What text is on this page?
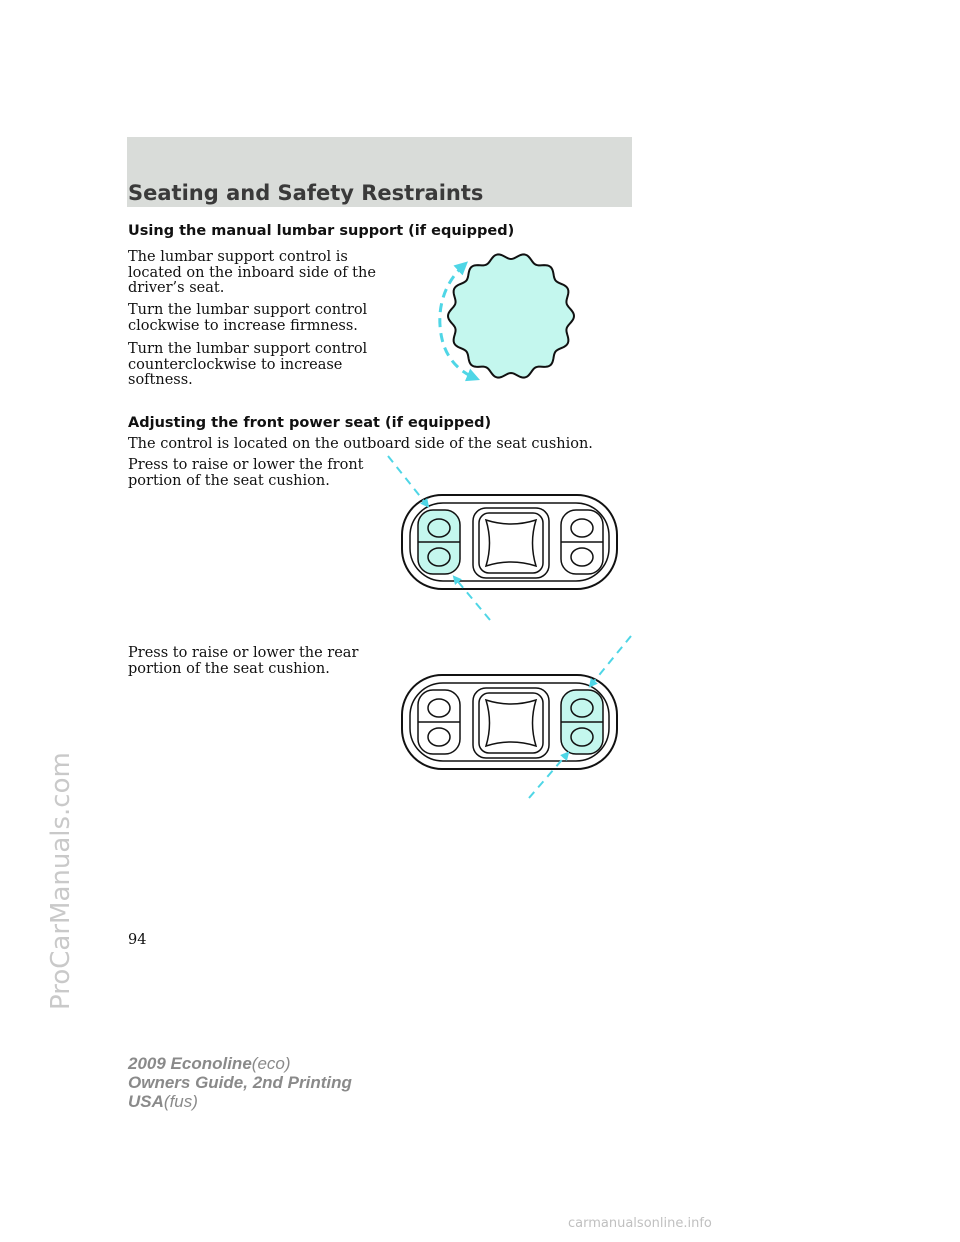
Seating and Safety Restraints
Using the manual lumbar support (if equipped)
The lumbar support control is
located on the inboard side of the
driver’s seat.
Turn the lumbar support control
clockwise to increase firmness.
Turn the lumbar support control
counterclockwise to increase
softness.
Adjusting the front power seat (if equipped)
The control is located on the outboard side of the seat cushion.
Press to raise or lower the front
portion of the seat cushion.
Press to raise or lower the rear
portion of the seat cushion.
94
2009 Econoline(eco)
Owners Guide, 2nd Printing
USA(fus)
ProCarManuals.com
carmanualsonline.info
